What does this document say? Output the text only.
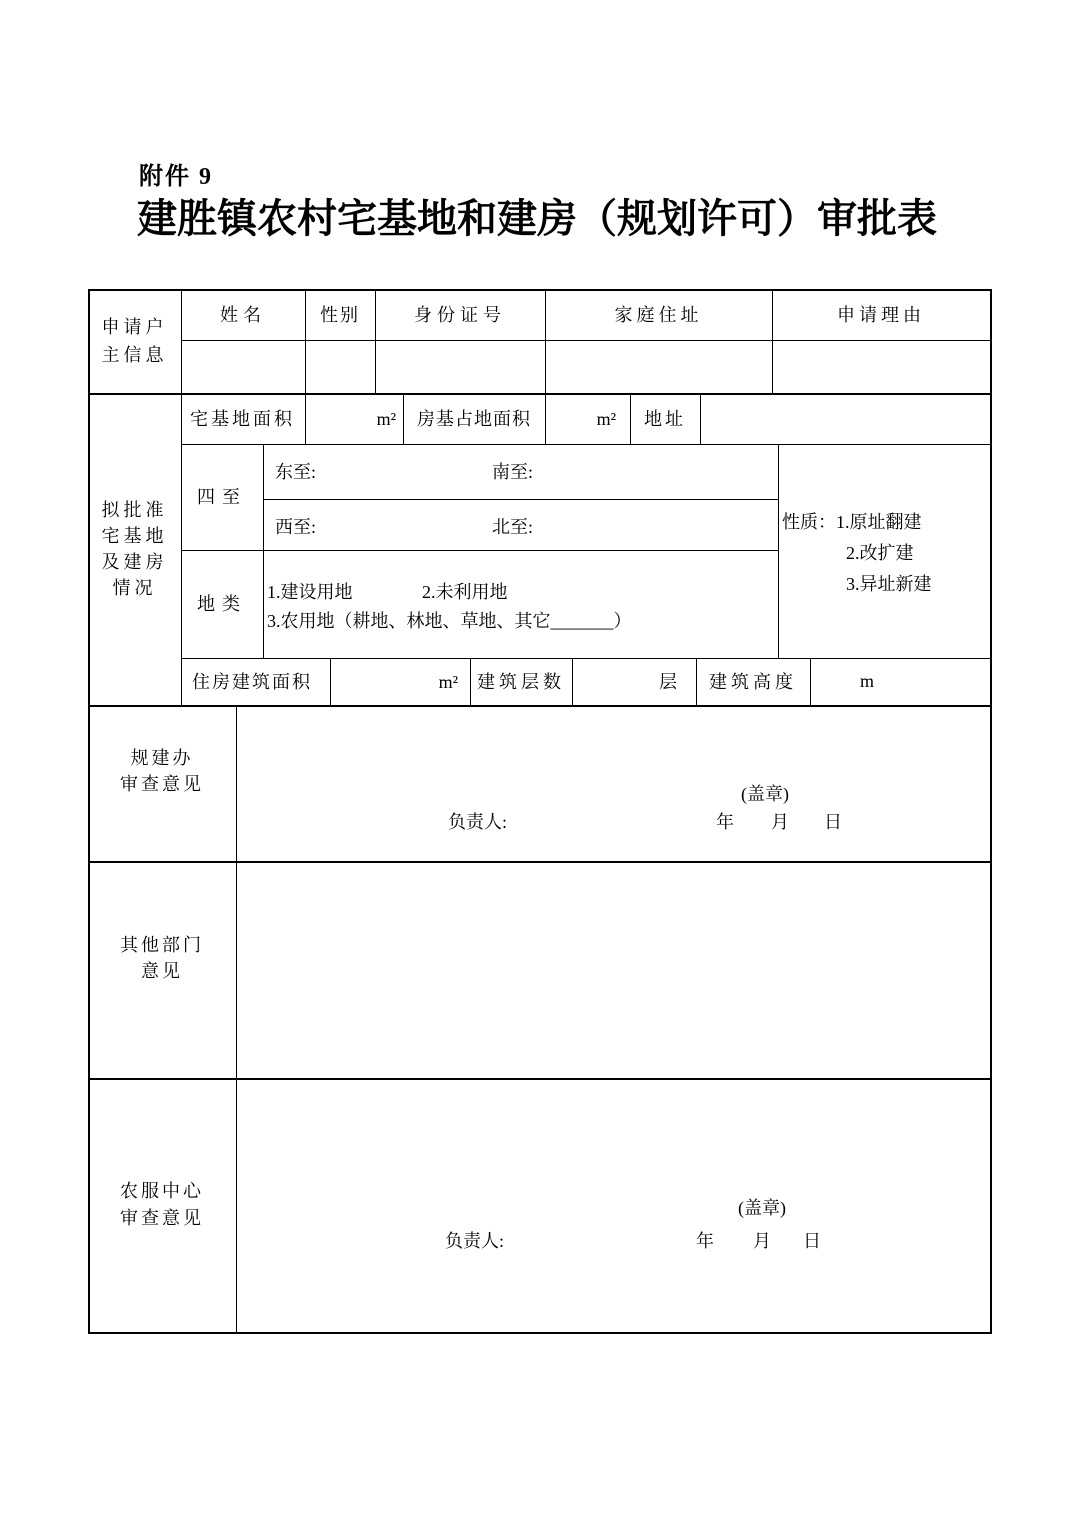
附件 9
建胜镇农村宅基地和建房（规划许可）审批表
申请户
主信息
姓名	性别	身份证号	家庭住址	申请理由
拟批准
宅基地
及建房
情况
宅基地面积	m²	房基占地面积	m²	地址
四至
东至:	南至:
西至:	北至:
地类
1.建设用地	2.未利用地
3.农用地（耕地、林地、草地、其它_______）
性质：1.原址翻建
2.改扩建
3.异址新建
住房建筑面积	m²	建筑层数	层	建筑高度	m
规建办
审查意见	(盖章)
负责人:	年 月 日
其他部门
意见
农服中心
审查意见	(盖章)
负责人:	年 月 日
